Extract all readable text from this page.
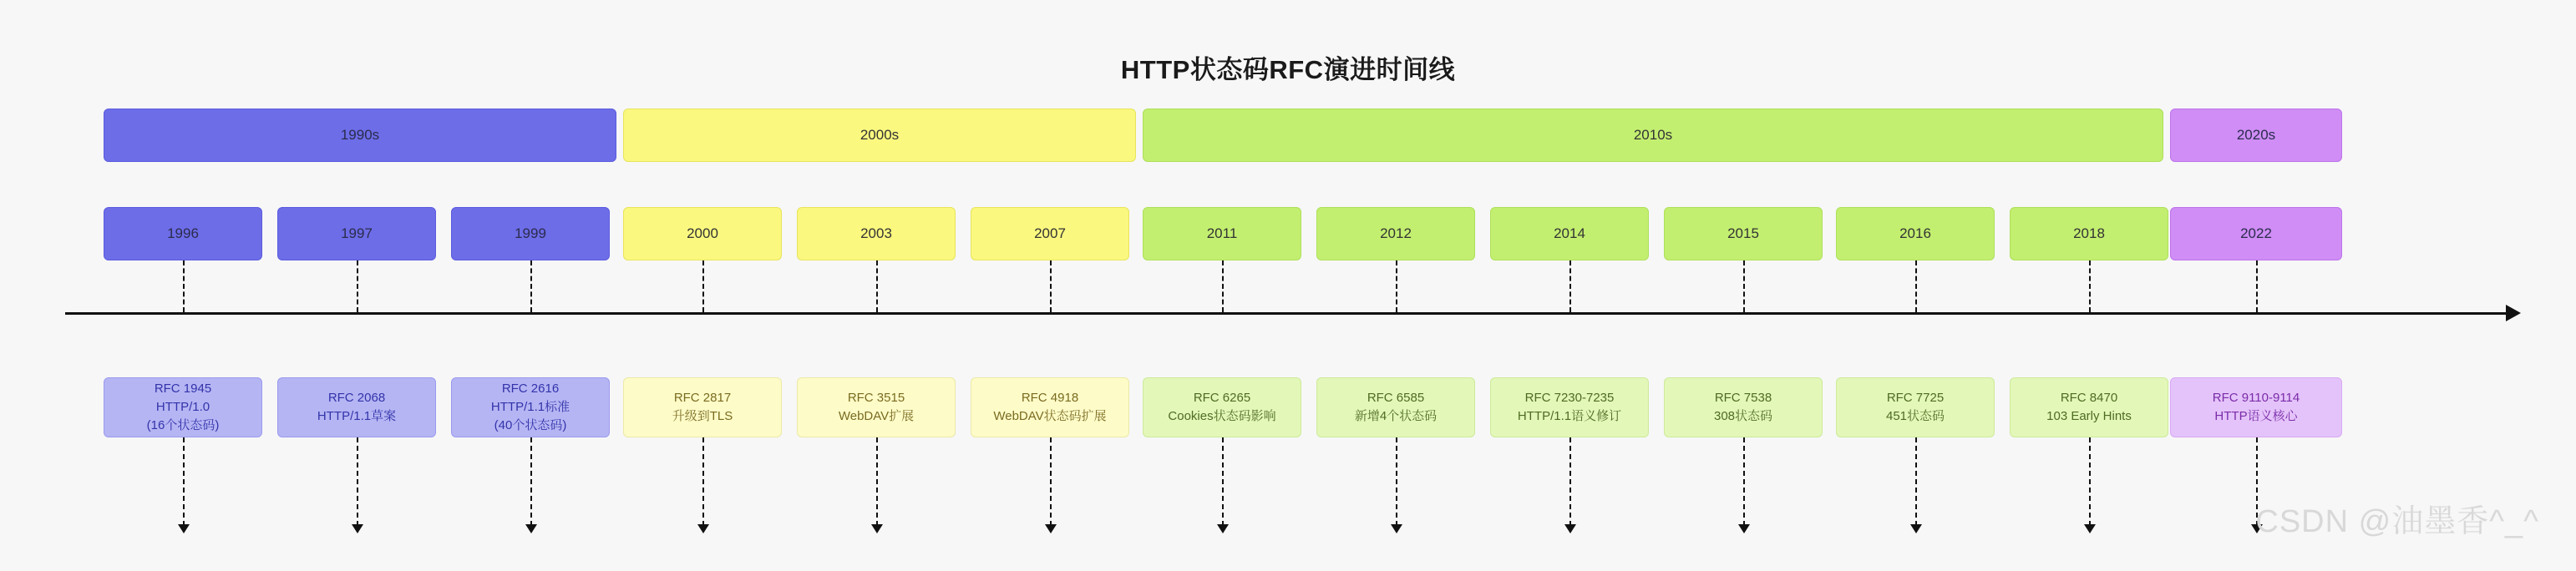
HTTP状态码RFC演进时间线
1990s	2000s	2010s	2020s
1996	1997	1999	2000	2003	2007	2011	2012	2014	2015	2016	2018	2022
RFC 1945
HTTP/1.0
(16个状态码)
RFC 2068
HTTP/1.1草案
RFC 2616
HTTP/1.1标准
(40个状态码)
RFC 2817
升级到TLS
RFC 3515
WebDAV扩展
RFC 4918
WebDAV状态码扩展
RFC 6265
Cookies状态码影响
RFC 6585
新增4个状态码
RFC 7230-7235
HTTP/1.1语义修订
RFC 7538
308状态码
RFC 7725
451状态码
RFC 8470
103 Early Hints
RFC 9110-9114
HTTP语义核心
CSDN @油墨香^_^
